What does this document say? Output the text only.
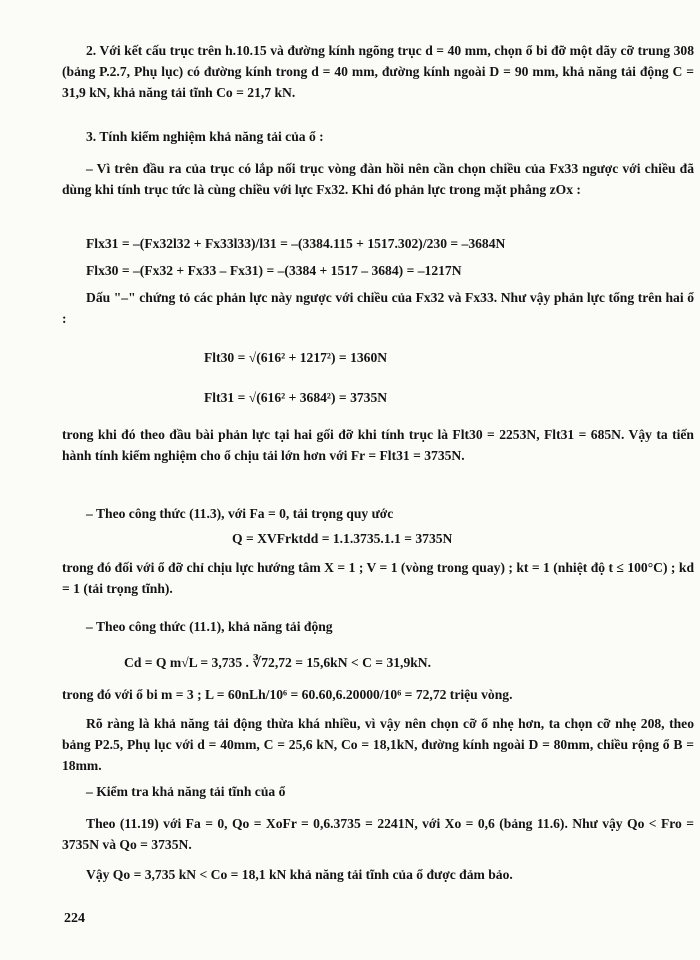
2. Với kết cấu trục trên h.10.15 và đường kính ngõng trục d = 40 mm, chọn ổ bi đỡ một dãy cỡ trung 308 (bảng P.2.7, Phụ lục) có đường kính trong d = 40 mm, đường kính ngoài D = 90 mm, khả năng tải động C = 31,9 kN, khả năng tải tĩnh Co = 21,7 kN.

3. Tính kiểm nghiệm khả năng tải của ổ :

– Vì trên đầu ra của trục có lắp nối trục vòng đàn hồi nên cần chọn chiều của Fx33 ngược với chiều đã dùng khi tính trục tức là cùng chiều với lực Fx32. Khi đó phản lực trong mặt phẳng zOx :

Flx31 = –(Fx32l32 + Fx33l33)/l31 = –(3384.115 + 1517.302)/230 = –3684N

Flx30 = –(Fx32 + Fx33 – Fx31) = –(3384 + 1517 – 3684) = –1217N

Dấu "–" chứng tỏ các phản lực này ngược với chiều của Fx32 và Fx33. Như vậy phản lực tổng trên hai ổ :

Flt30 = √(616² + 1217²) = 1360N

Flt31 = √(616² + 3684²) = 3735N

trong khi đó theo đầu bài phản lực tại hai gối đỡ khi tính trục là Flt30 = 2253N, Flt31 = 685N. Vậy ta tiến hành tính kiểm nghiệm cho ổ chịu tải lớn hơn với Fr = Flt31 = 3735N.

– Theo công thức (11.3), với Fa = 0, tải trọng quy ước

Q = XVFrktdd = 1.1.3735.1.1 = 3735N

trong đó đối với ổ đỡ chỉ chịu lực hướng tâm X = 1 ; V = 1 (vòng trong quay) ; kt = 1 (nhiệt độ t ≤ 100°C) ; kd = 1 (tải trọng tĩnh).

– Theo công thức (11.1), khả năng tải động

Cd = Q m√L = 3,735 . ∛72,72 = 15,6kN < C = 31,9kN.

trong đó với ổ bi m = 3 ; L = 60nLh/10⁶ = 60.60,6.20000/10⁶ = 72,72 triệu vòng.

Rõ ràng là khả năng tải động thừa khá nhiều, vì vậy nên chọn cỡ ổ nhẹ hơn, ta chọn cỡ nhẹ 208, theo bảng P2.5, Phụ lục với d = 40mm, C = 25,6 kN, Co = 18,1kN, đường kính ngoài D = 80mm, chiều rộng ổ B = 18mm.

– Kiểm tra khả năng tải tĩnh của ổ

Theo (11.19) với Fa = 0, Qo = XoFr = 0,6.3735 = 2241N, với Xo = 0,6 (bảng 11.6). Như vậy Qo < Fro = 3735N và Qo = 3735N.

Vậy Qo = 3,735 kN < Co = 18,1 kN khả năng tải tĩnh của ổ được đảm bảo.

224
